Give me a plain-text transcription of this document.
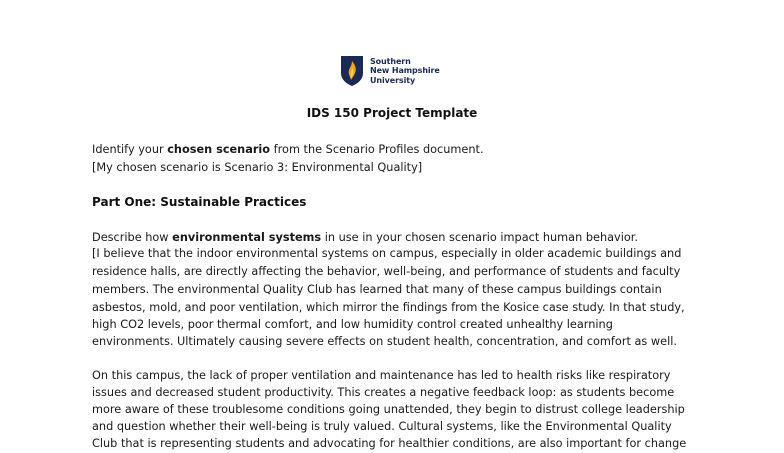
Southern
New Hampshire
University
IDS 150 Project Template
Identify your chosen scenario from the Scenario Profiles document.
[My chosen scenario is Scenario 3: Environmental Quality]
Part One: Sustainable Practices
Describe how environmental systems in use in your chosen scenario impact human behavior.
[I believe that the indoor environmental systems on campus, especially in older academic buildings and
residence halls, are directly affecting the behavior, well-being, and performance of students and faculty
members. The environmental Quality Club has learned that many of these campus buildings contain
asbestos, mold, and poor ventilation, which mirror the findings from the Kosice case study. In that study,
high CO2 levels, poor thermal comfort, and low humidity control created unhealthy learning
environments. Ultimately causing severe effects on student health, concentration, and comfort as well.
On this campus, the lack of proper ventilation and maintenance has led to health risks like respiratory
issues and decreased student productivity. This creates a negative feedback loop: as students become
more aware of these troublesome conditions going unattended, they begin to distrust college leadership
and question whether their well-being is truly valued. Cultural systems, like the Environmental Quality
Club that is representing students and advocating for healthier conditions, are also important for change
